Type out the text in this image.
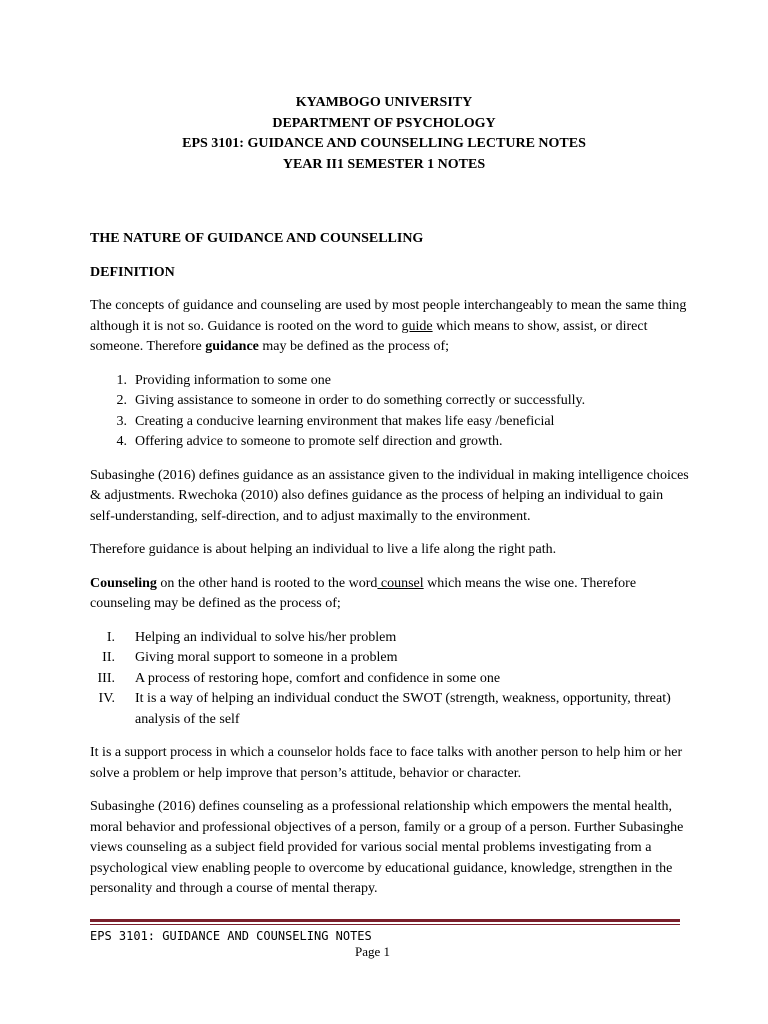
KYAMBOGO UNIVERSITY
DEPARTMENT OF PSYCHOLOGY
EPS 3101: GUIDANCE AND COUNSELLING LECTURE NOTES
YEAR II1 SEMESTER 1 NOTES
THE NATURE OF GUIDANCE AND COUNSELLING
DEFINITION

The concepts of guidance and counseling are used by most people interchangeably to mean the same thing although it is not so. Guidance is rooted on the word to guide which means to show, assist, or direct someone. Therefore guidance may be defined as the process of;

1. Providing information to some one
2. Giving assistance to someone in order to do something correctly or successfully.
3. Creating a conducive learning environment that makes life easy /beneficial
4. Offering advice to someone to promote self direction and growth.

Subasinghe (2016) defines guidance as an assistance given to the individual in making intelligence choices & adjustments. Rwechoka (2010) also defines guidance as the process of helping an individual to gain self-understanding, self-direction, and to adjust maximally to the environment.

Therefore guidance is about helping an individual to live a life along the right path.

Counseling on the other hand is rooted to the word counsel which means the wise one. Therefore counseling may be defined as the process of;

I. Helping an individual to solve his/her problem
II. Giving moral support to someone in a problem
III. A process of restoring hope, comfort and confidence in some one
IV. It is a way of helping an individual conduct the SWOT (strength, weakness, opportunity, threat) analysis of the self

It is a support process in which a counselor holds face to face talks with another person to help him or her solve a problem or help improve that person’s attitude, behavior or character.

Subasinghe (2016) defines counseling as a professional relationship which empowers the mental health, moral behavior and professional objectives of a person, family or a group of a person. Further Subasinghe views counseling as a subject field provided for various social mental problems investigating from a psychological view enabling people to overcome by educational guidance, knowledge, strengthen in the personality and through a course of mental therapy.

EPS 3101: GUIDANCE AND COUNSELING NOTES
Page 1
